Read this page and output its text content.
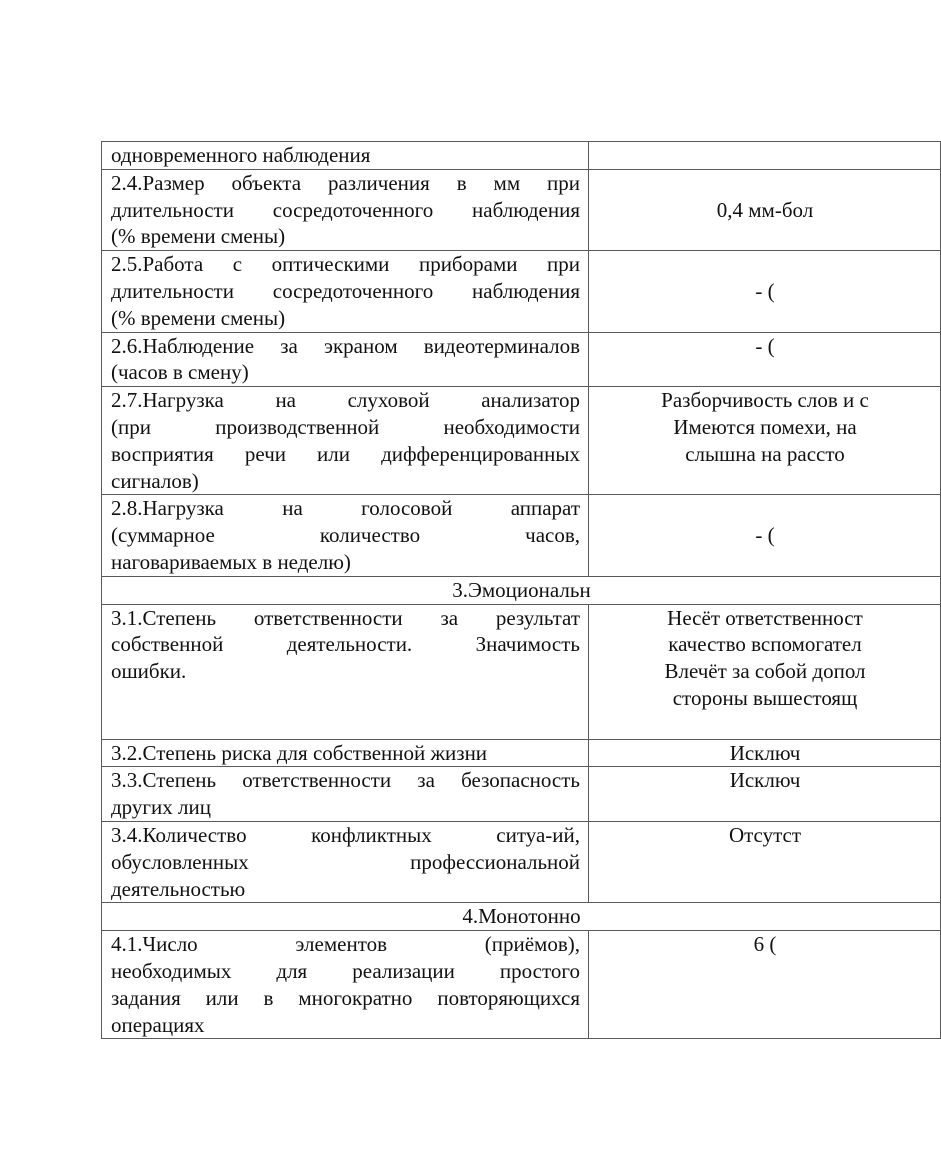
одновременного наблюдения	

2.4.Размер объекта различения в мм при
длительности сосредоточенного наблюдения
(% времени смены)	0,4 мм-бол

2.5.Работа с оптическими приборами при
длительности сосредоточенного наблюдения
(% времени смены)	- (

2.6.Наблюдение за экраном видеотерминалов
(часов в смену)	- (

2.7.Нагрузка на слуховой анализатор
(при производственной необходимости
восприятия речи или дифференцированных
сигналов)	Разборчивость слов и с
Имеются помехи, на
слышна на рассто

2.8.Нагрузка на голосовой аппарат
(суммарное количество часов,
наговариваемых в неделю)	- (

3.Эмоциональн	

3.1.Степень ответственности за результат
собственной деятельности. Значимость
ошибки.	Несёт ответственност
качество вспомогател
Влечёт за собой допол
стороны вышестоящ

3.2.Степень риска для собственной жизни	Исключ

3.3.Степень ответственности за безопасность
других лиц	Исключ

3.4.Количество конфликтных ситуа-ий,
обусловленных профессиональной
деятельностью	Отсутст

4.Монотонно	

4.1.Число элементов (приёмов),
необходимых для реализации простого
задания или в многократно повторяющихся
операциях	6 (
